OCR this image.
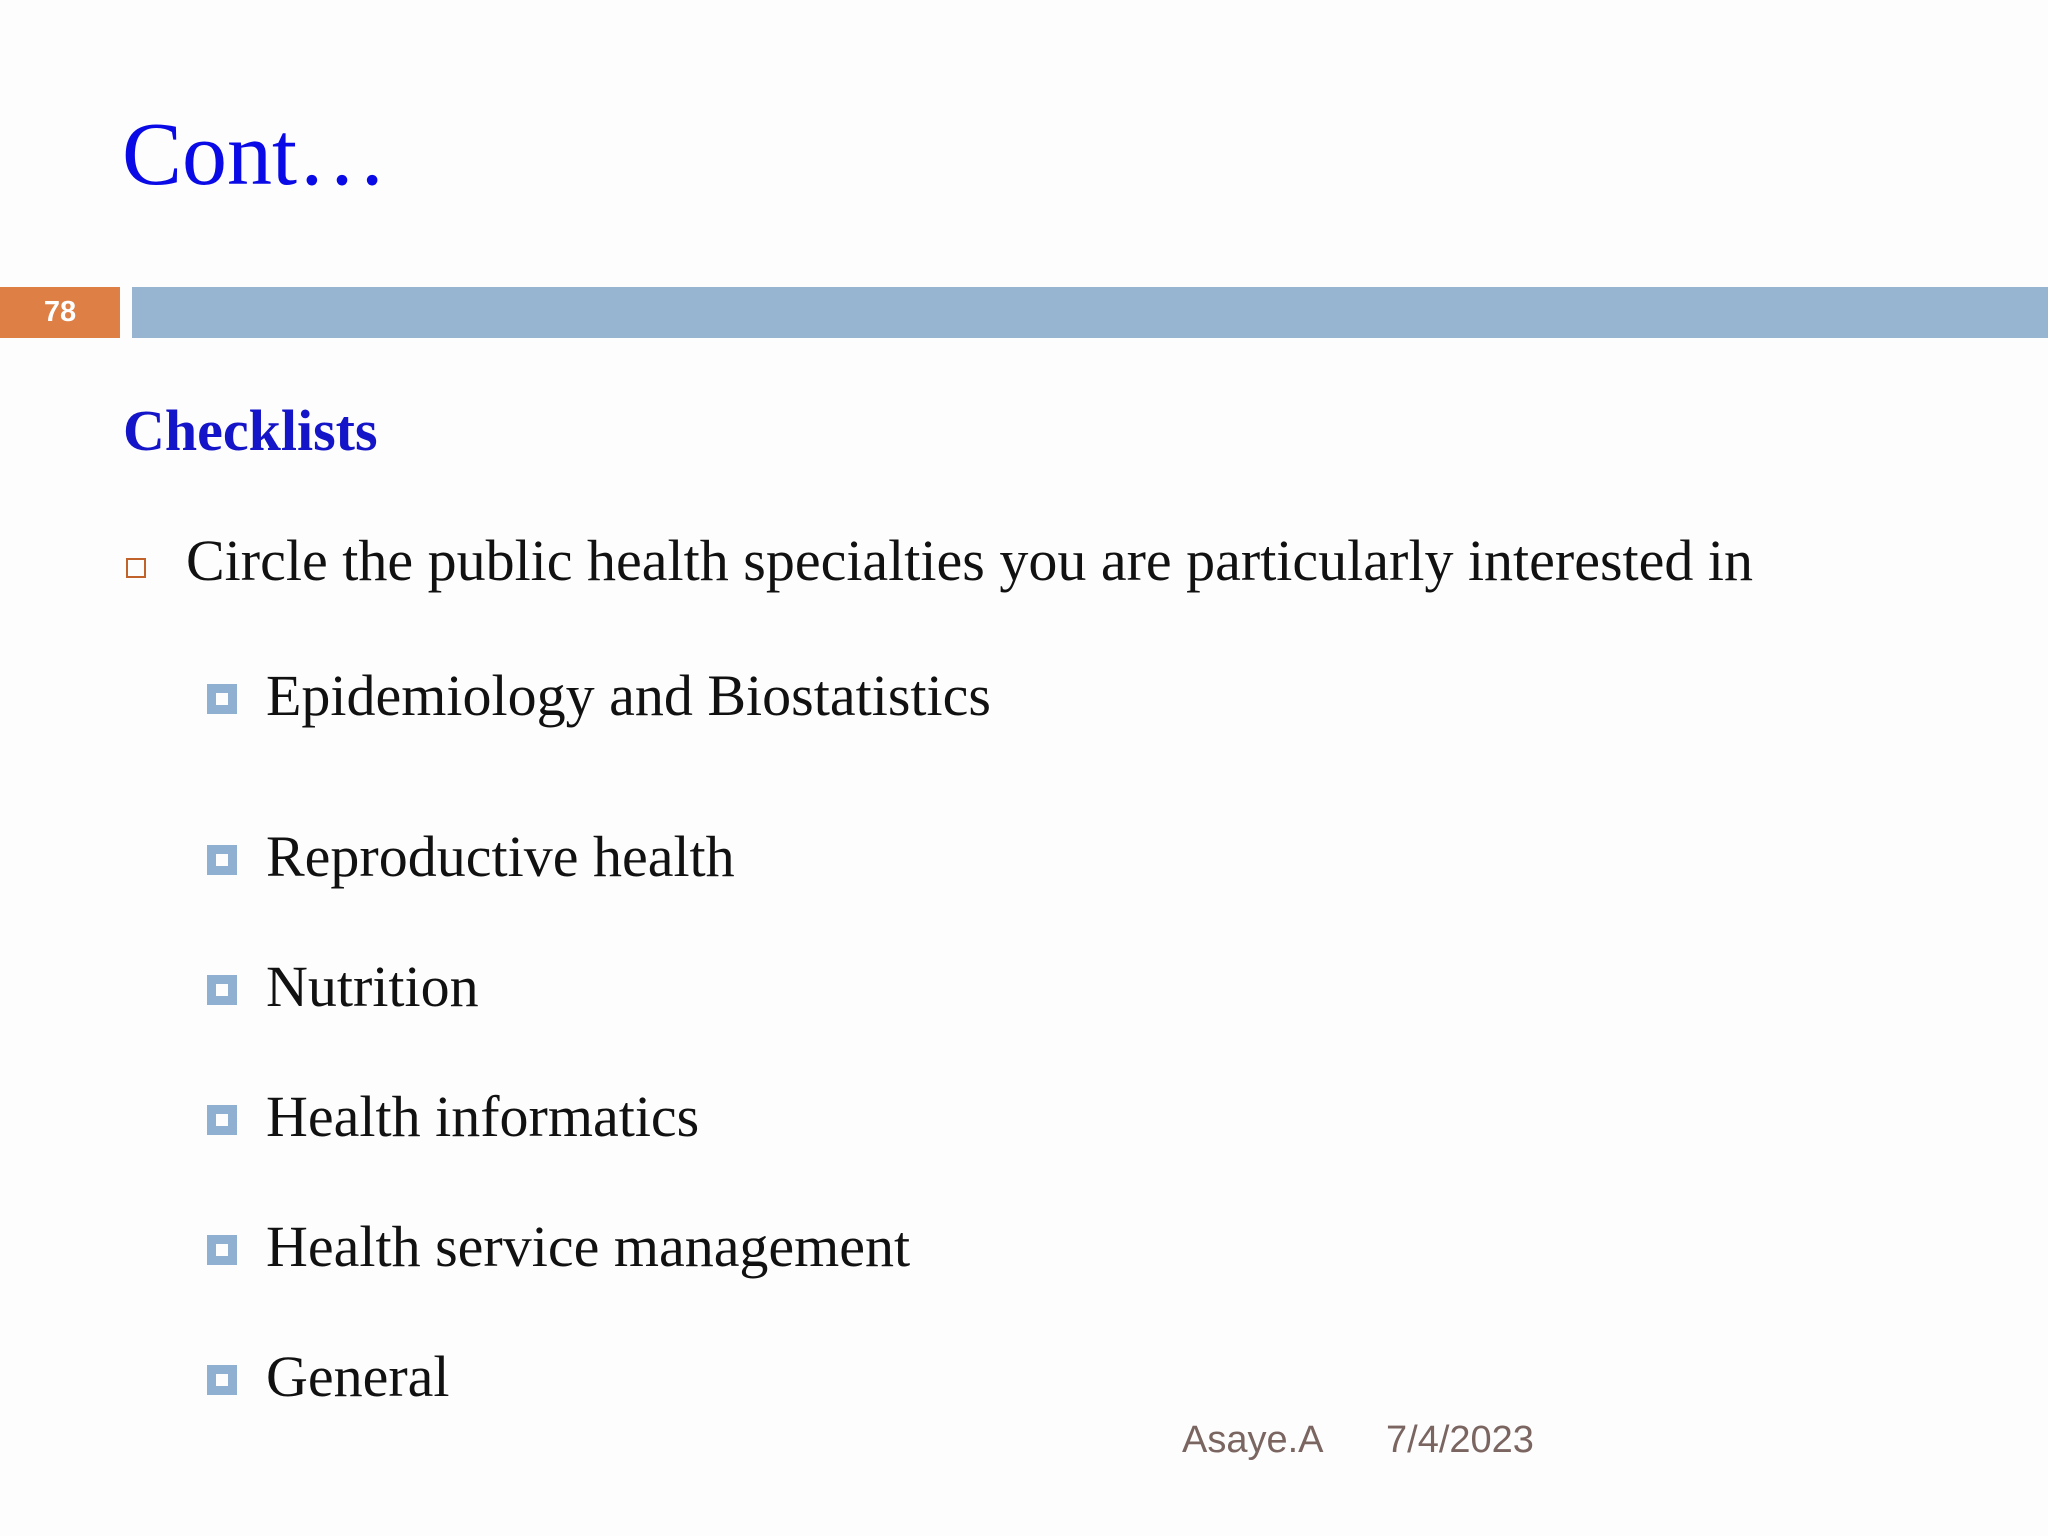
Cont…
78
Checklists
Circle the public health specialties you are particularly interested in
Epidemiology and Biostatistics
Reproductive health
Nutrition
Health informatics
Health service management
General
Asaye.A 7/4/2023
